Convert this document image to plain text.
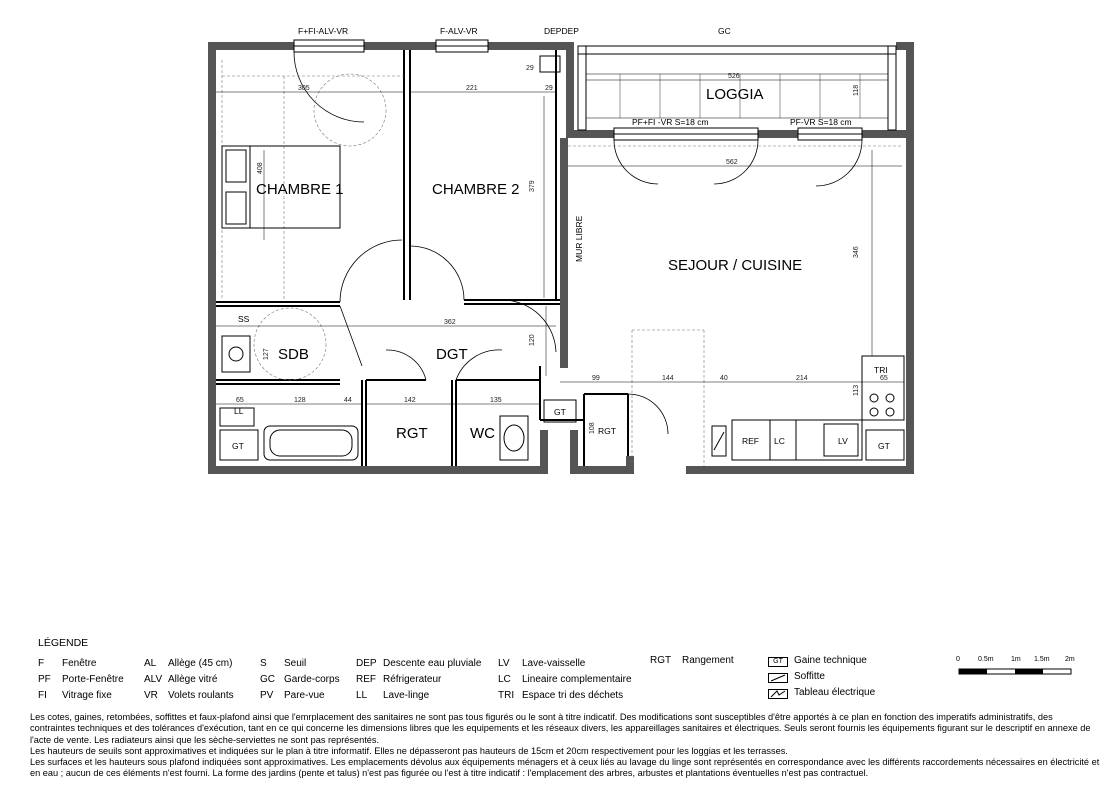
CHAMBRE 1	CHAMBRE 2
SEJOUR / CUISINE
LOGGIA
SDB	DGT
RGT	WC
F+FI-ALV-VR	F-ALV-VR	DEPDEP	GC
PF+FI -VR S=18 cm	PF-VR S=18 cm
MUR LIBRE
SS
LL
GT
GT
GT
RGT
REF LC	LV
TRI
305	221
29
29
526
118
562
408
379
346
362
127
120
65	128	44	142	135
99	144	40	214
113
65
108
LÉGENDE
F Fenêtre
PF Porte-Fenêtre
FI Vitrage fixe
AL Allège (45 cm)
ALV Allège vitré
VR Volets roulants
S Seuil
GC Garde-corps
PV Pare-vue
DEP Descente eau pluviale
REF Réfrigerateur
LL Lave-linge
LV Lave-vaisselle
LC Lineaire complementaire
TRI Espace tri des déchets
RGT Rangement	GT	Gaine technique
Soffitte
Tableau électrique
0	0.5m 1m 1.5m 2m

Les cotes, gaines, retombées, soffittes et faux-plafond ainsi que l'emrplacement des sanitaires ne sont pas tous figurés ou le sont à titre indicatif. Des modifications sont susceptibles d'être apportés à ce plan en fonction des imperatifs administratifs, des contraintes techniques et des tolérances d'exécution, tant en ce qui concerne les dimensions libres que les equipements et les réseaux divers, les appareillages sanitaires et électriques. Seuls seront fournis les équipements figurant sur le descriptif en annexe de l'acte de vente. Les radiateurs ainsi que les sèche-serviettes ne sont pas représentés.

Les hauteurs de seuils sont approximatives et indiquées sur le plan à titre informatif. Elles ne dépasseront pas hauteurs de 15cm et 20cm respectivement pour les loggias et les terrasses.

Les surfaces et les hauteurs sous plafond indiquées sont approximatives. Les emplacements dévolus aux équipements ménagers et à ceux liés au lavage du linge sont représentés en correspondance avec les différents raccordements nécessaires en électricité et en eau ; aucun de ces éléments n'est fourni. La forme des jardins (pente et talus) n'est pas figurée ou l'est à titre indicatif : l'emplacement des arbres, arbustes et plantations éventuelles n'est pas contractuel.
